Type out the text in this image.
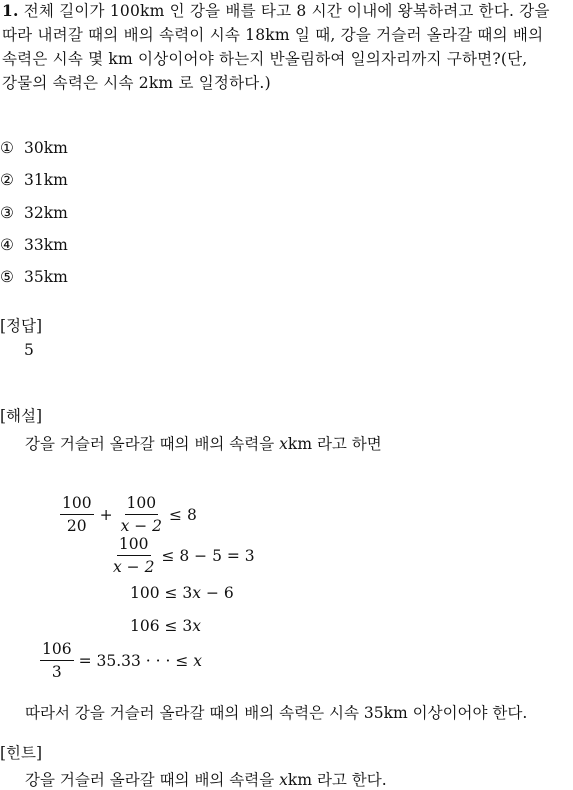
1. 전체 길이가 100km 인 강을 배를 타고 8 시간 이내에 왕복하려고 한다. 강을
따라 내려갈 때의 배의 속력이 시속 18km 일 때, 강을 거슬러 올라갈 때의 배의
속력은 시속 몇 km 이상이어야 하는지 반올림하여 일의자리까지 구하면?(단,
강물의 속력은 시속 2km 로 일정하다.)
① 30km
② 31km
③ 32km
④ 33km
⑤ 35km
[정답]
5
[해설]
강을 거슬러 올라갈 때의 배의 속력을 xkm 라고 하면
$\frac{100}{20} + \frac{100}{x - 2} \le 8$
$\frac{100}{x - 2} \le 8 - 5 = 3$
100 ≤ 3x − 6
106 ≤ 3x
$\frac{106}{3} = 35.33$ · · · ≤ x
따라서 강을 거슬러 올라갈 때의 배의 속력은 시속 35km 이상이어야 한다.
[힌트]
강을 거슬러 올라갈 때의 배의 속력을 xkm 라고 한다.
